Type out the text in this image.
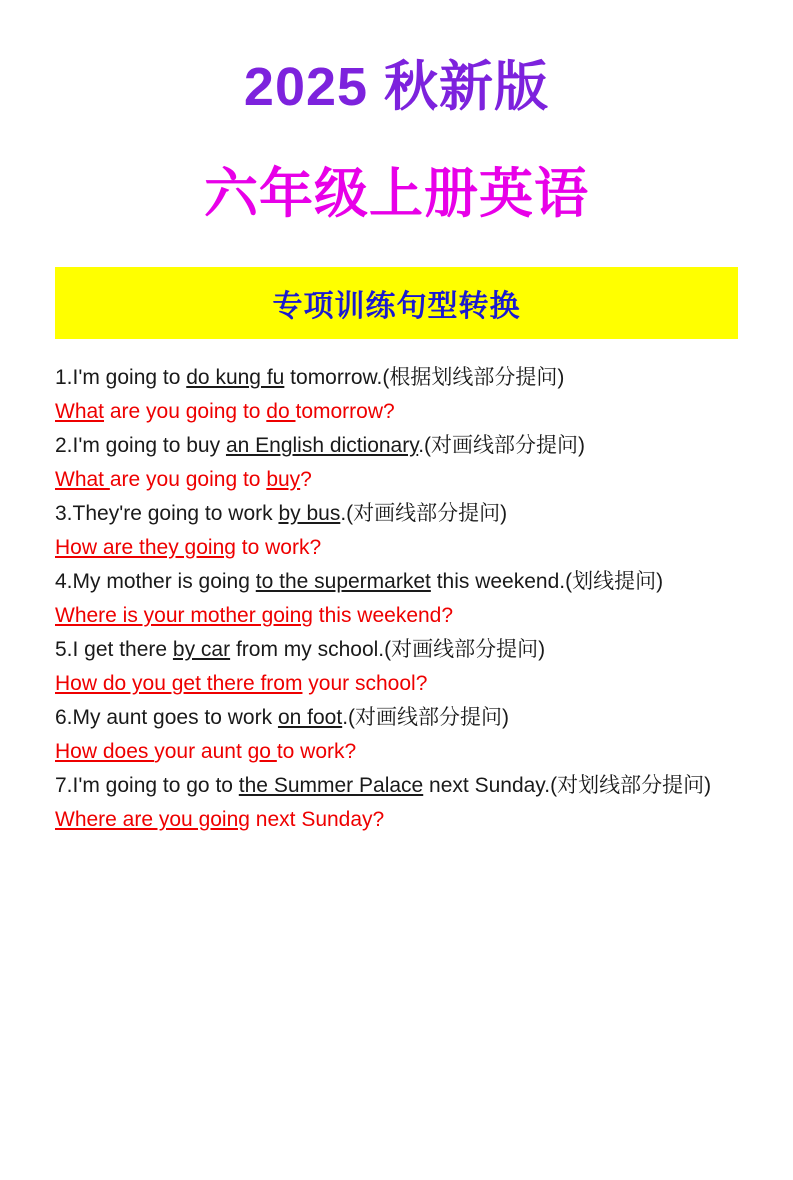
2025 秋新版
六年级上册英语
专项训练句型转换
1.I'm going to do kung fu tomorrow.(根据划线部分提问)
What are you going to do tomorrow?
2.I'm going to buy an English dictionary.(对画线部分提问)
What are you going to buy?
3.They're going to work by bus.(对画线部分提问)
How are they going to work?
4.My mother is going to the supermarket this weekend.(划线提问)
Where is your mother going this weekend?
5.I get there by car from my school.(对画线部分提问)
How do you get there from your school?
6.My aunt goes to work on foot.(对画线部分提问)
How does your aunt go to work?
7.I'm going to go to the Summer Palace next Sunday.(对划线部分提问)
Where are you going next Sunday?
